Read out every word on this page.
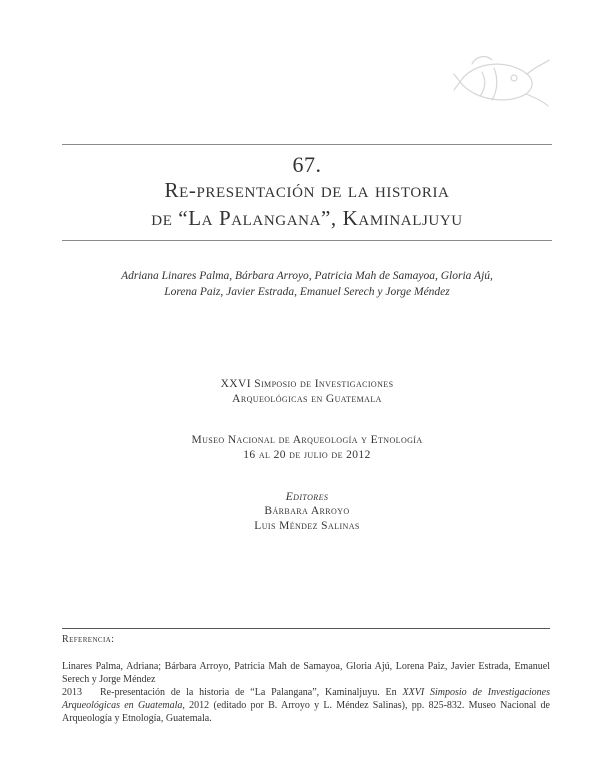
67.
Re-presentación de la historia
de “La Palangana”, Kaminaljuyu
Adriana Linares Palma, Bárbara Arroyo, Patricia Mah de Samayoa, Gloria Ajú,
Lorena Paiz, Javier Estrada, Emanuel Serech y Jorge Méndez
XXVI Simposio de Investigaciones
Arqueológicas en Guatemala
Museo Nacional de Arqueología y Etnología
16 al 20 de julio de 2012
Editores
Bárbara Arroyo
Luis Méndez Salinas
Referencia:
Linares Palma, Adriana; Bárbara Arroyo, Patricia Mah de Samayoa, Gloria Ajú, Lorena Paiz, Javier Estrada, Emanuel Serech y Jorge Méndez
2013 Re-presentación de la historia de “La Palangana”, Kaminaljuyu. En XXVI Simposio de Investigaciones Arqueológicas en Guatemala, 2012 (editado por B. Arroyo y L. Méndez Salinas), pp. 825-832. Museo Nacional de Arqueología y Etnología, Guatemala.
